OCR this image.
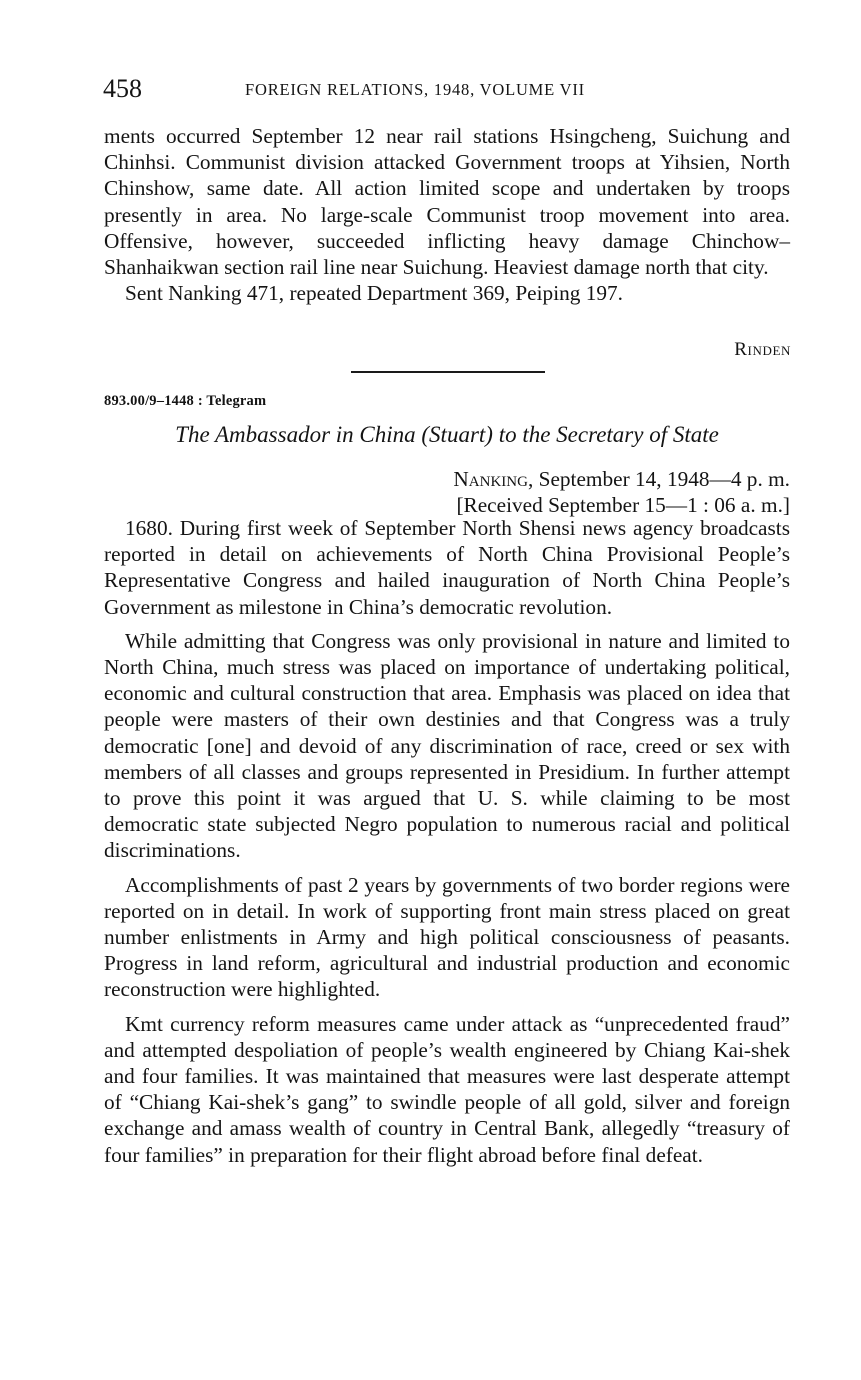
458	FOREIGN RELATIONS, 1948, VOLUME VII

ments occurred September 12 near rail stations Hsingcheng, Suichung and Chinhsi. Communist division attacked Government troops at Yihsien, North Chinshow, same date. All action limited scope and undertaken by troops presently in area. No large-scale Communist troop movement into area. Offensive, however, succeeded inflicting heavy damage Chinchow–Shanhaikwan section rail line near Suichung. Heaviest damage north that city.

Sent Nanking 471, repeated Department 369, Peiping 197.

Rinden
893.00/9–1448 : Telegram
The Ambassador in China (Stuart) to the Secretary of State
Nanking, September 14, 1948—4 p. m.
[Received September 15—1 : 06 a. m.]

1680. During first week of September North Shensi news agency broadcasts reported in detail on achievements of North China Provisional People’s Representative Congress and hailed inauguration of North China People’s Government as milestone in China’s democratic revolution.

While admitting that Congress was only provisional in nature and limited to North China, much stress was placed on importance of undertaking political, economic and cultural construction that area. Emphasis was placed on idea that people were masters of their own destinies and that Congress was a truly democratic [one] and devoid of any discrimination of race, creed or sex with members of all classes and groups represented in Presidium. In further attempt to prove this point it was argued that U. S. while claiming to be most democratic state subjected Negro population to numerous racial and political discriminations.

Accomplishments of past 2 years by governments of two border regions were reported on in detail. In work of supporting front main stress placed on great number enlistments in Army and high political consciousness of peasants. Progress in land reform, agricultural and industrial production and economic reconstruction were highlighted.

Kmt currency reform measures came under attack as “unprecedented fraud” and attempted despoliation of people’s wealth engineered by Chiang Kai-shek and four families. It was maintained that measures were last desperate attempt of “Chiang Kai-shek’s gang” to swindle people of all gold, silver and foreign exchange and amass wealth of country in Central Bank, allegedly “treasury of four families” in preparation for their flight abroad before final defeat.
